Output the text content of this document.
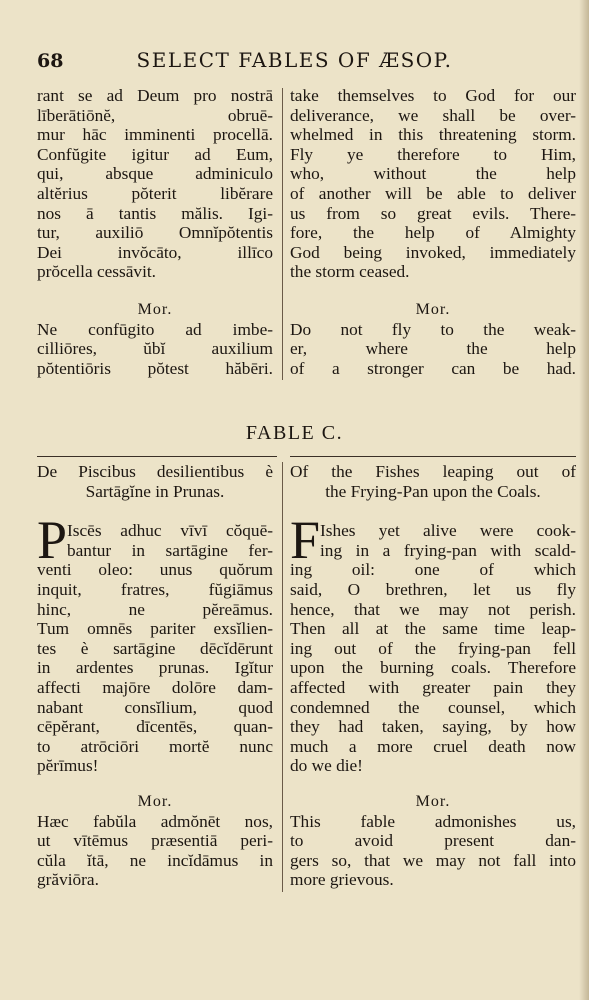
68	SELECT FABLES OF ÆSOP.
rant se ad Deum pro nostrā
līberātiōnĕ, obruē-
mur hāc imminenti procellā.
Confŭgite igitur ad Eum,
qui, absque adminiculo
altĕrius pŏterit libĕrare
nos ā tantis mălis. Igi-
tur, auxiliō Omnĭpŏtentis
Dei invŏcāto, illīco
prŏcella cessāvit.
Mor.
Ne confūgito ad imbe-
cilliōres, ŭbĭ auxilium
pŏtentiōris pŏtest hăbēri.
take themselves to God for our
deliverance, we shall be over-
whelmed in this threatening storm.
Fly ye therefore to Him,
who, without the help
of another will be able to deliver
us from so great evils. There-
fore, the help of Almighty
God being invoked, immediately
the storm ceased.
Mor.
Do not fly to the weak-
er, where the help
of a stronger can be had.
FABLE C.
De Piscibus desilientibus è
Sartāgĭne in Prunas.
Iscēs adhuc vīvī cŏquē-
bantur in sartāgine fer-
venti oleo: unus quŏrum
inquit, fratres, fŭgiāmus
hinc, ne pĕreāmus.
Tum omnēs pariter exsĭlien-
tes è sartāgine dēcĭdērunt
in ardentes prunas. Igĭtur
affecti majōre dolōre dam-
nabant consĭlium, quod
cēpĕrant, dīcentēs, quan-
to atrōciōri mortĕ nunc
pĕrīmus!
Mor.
Hæc fabŭla admŏnēt nos,
ut vītēmus præsentiā peri-
cŭla ĭtā, ne incĭdāmus in
grăviōra.
P
Of the Fishes leaping out of
the Frying-Pan upon the Coals.
Ishes yet alive were cook-
ing in a frying-pan with scald-
ing oil: one of which
said, O brethren, let us fly
hence, that we may not perish.
Then all at the same time leap-
ing out of the frying-pan fell
upon the burning coals. Therefore
affected with greater pain they
condemned the counsel, which
they had taken, saying, by how
much a more cruel death now
do we die!
Mor.
This fable admonishes us,
to avoid present dan-
gers so, that we may not fall into
more grievous.
F
